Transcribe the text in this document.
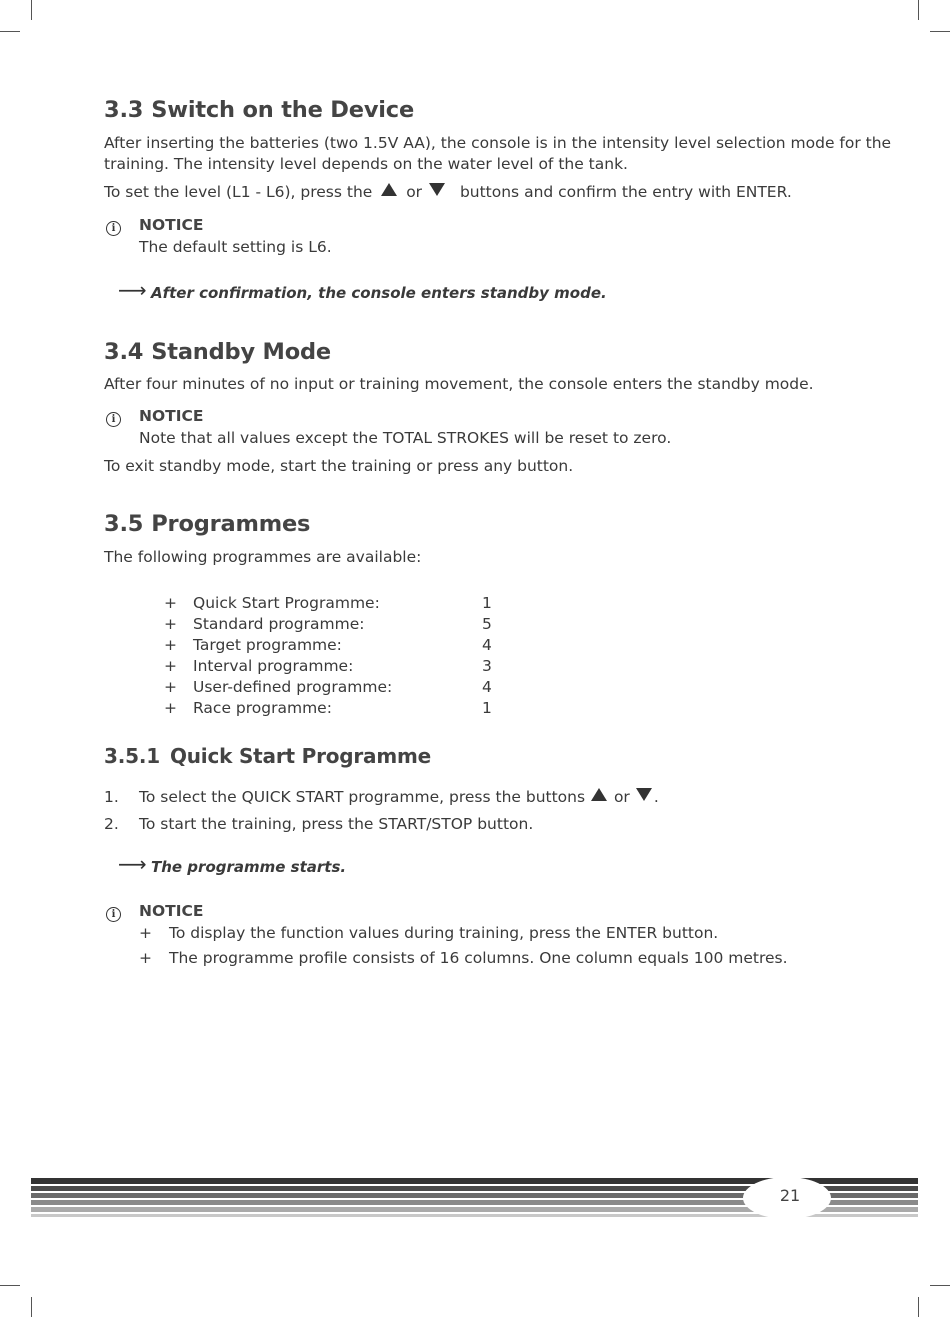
3.3 Switch on the Device

After inserting the batteries (two 1.5V AA), the console is in the intensity level selection mode for the

training. The intensity level depends on the water level of the tank.

To set the level (L1 - L6), press the or buttons and confirm the entry with ENTER.

i	NOTICE

The default setting is L6.

⟶ After confirmation, the console enters standby mode.
3.4 Standby Mode

After four minutes of no input or training movement, the console enters the standby mode.

i	NOTICE

Note that all values except the TOTAL STROKES will be reset to zero.

To exit standby mode, start the training or press any button.

3.5 Programmes

The following programmes are available:

+ Quick Start Programme:	1
+ Standard programme:	5
+ Target programme:	4
+ Interval programme:	3
+ User-defined programme:	4
+ Race programme:	1
3.5.1 Quick Start Programme

1. To select the QUICK START programme, press the buttons or .

2. To start the training, press the START/STOP button.

⟶ The programme starts.
i	NOTICE

+ To display the function values during training, press the ENTER button.

+ The programme profile consists of 16 columns. One column equals 100 metres.

21
